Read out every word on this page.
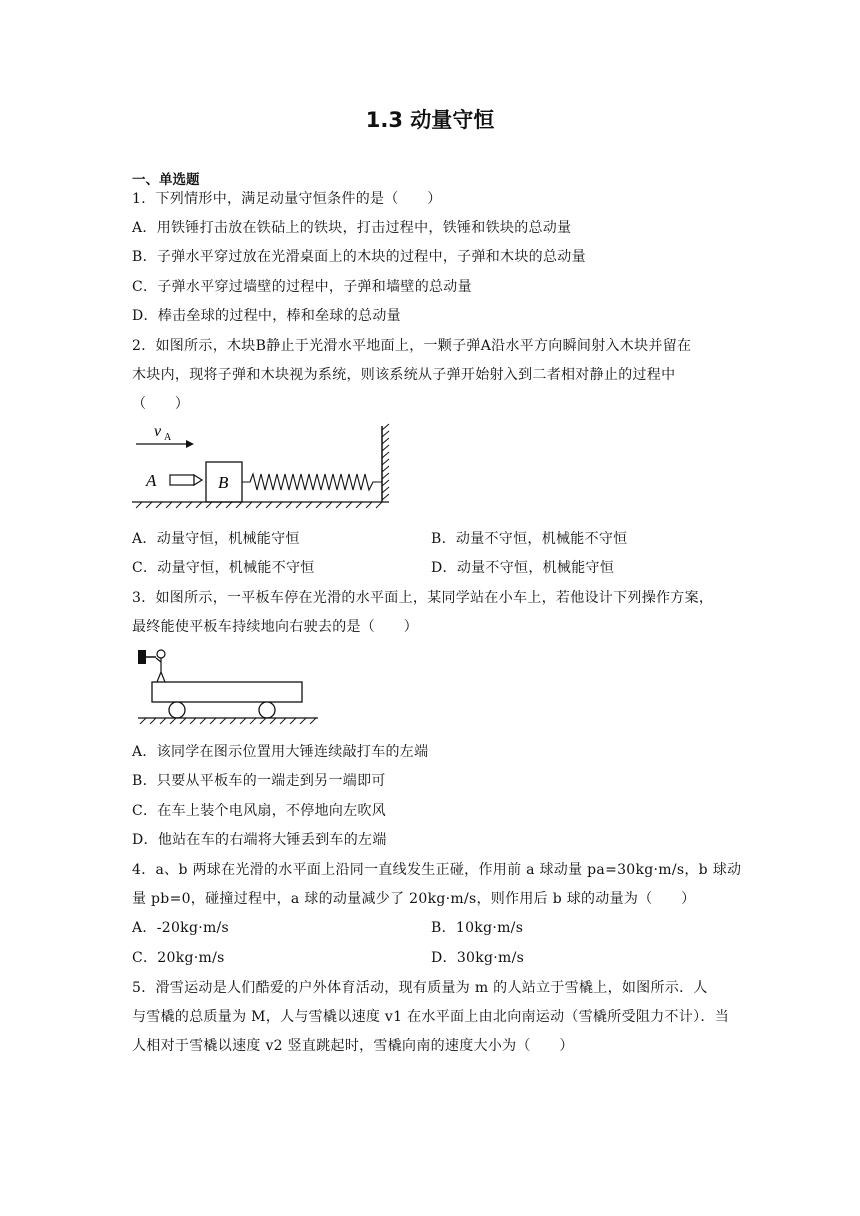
1.3 动量守恒
一、单选题
1．下列情形中，满足动量守恒条件的是（　　）
A．用铁锤打击放在铁砧上的铁块，打击过程中，铁锤和铁块的总动量
B．子弹水平穿过放在光滑桌面上的木块的过程中，子弹和木块的总动量
C．子弹水平穿过墙壁的过程中，子弹和墙壁的总动量
D．棒击垒球的过程中，棒和垒球的总动量
2．如图所示，木块B静止于光滑水平地面上，一颗子弹A沿水平方向瞬间射入木块并留在
木块内，现将子弹和木块视为系统，则该系统从子弹开始射入到二者相对静止的过程中
（　　）
v A
A	B
A．动量守恒，机械能守恒	B．动量不守恒，机械能不守恒
C．动量守恒，机械能不守恒	D．动量不守恒，机械能守恒
3．如图所示，一平板车停在光滑的水平面上，某同学站在小车上，若他设计下列操作方案，
最终能使平板车持续地向右驶去的是（　　）
A．该同学在图示位置用大锤连续敲打车的左端
B．只要从平板车的一端走到另一端即可
C．在车上装个电风扇，不停地向左吹风
D．他站在车的右端将大锤丢到车的左端
4．a、b 两球在光滑的水平面上沿同一直线发生正碰，作用前 a 球动量 pa=30kg·m/s，b 球动
量 pb=0，碰撞过程中，a 球的动量减少了 20kg·m/s，则作用后 b 球的动量为（　　）
A．-20kg·m/s	B．10kg·m/s
C．20kg·m/s	D．30kg·m/s
5．滑雪运动是人们酷爱的户外体育活动，现有质量为 m 的人站立于雪橇上，如图所示．人
与雪橇的总质量为 M，人与雪橇以速度 v1 在水平面上由北向南运动（雪橇所受阻力不计）．当
人相对于雪橇以速度 v2 竖直跳起时，雪橇向南的速度大小为（　　）
